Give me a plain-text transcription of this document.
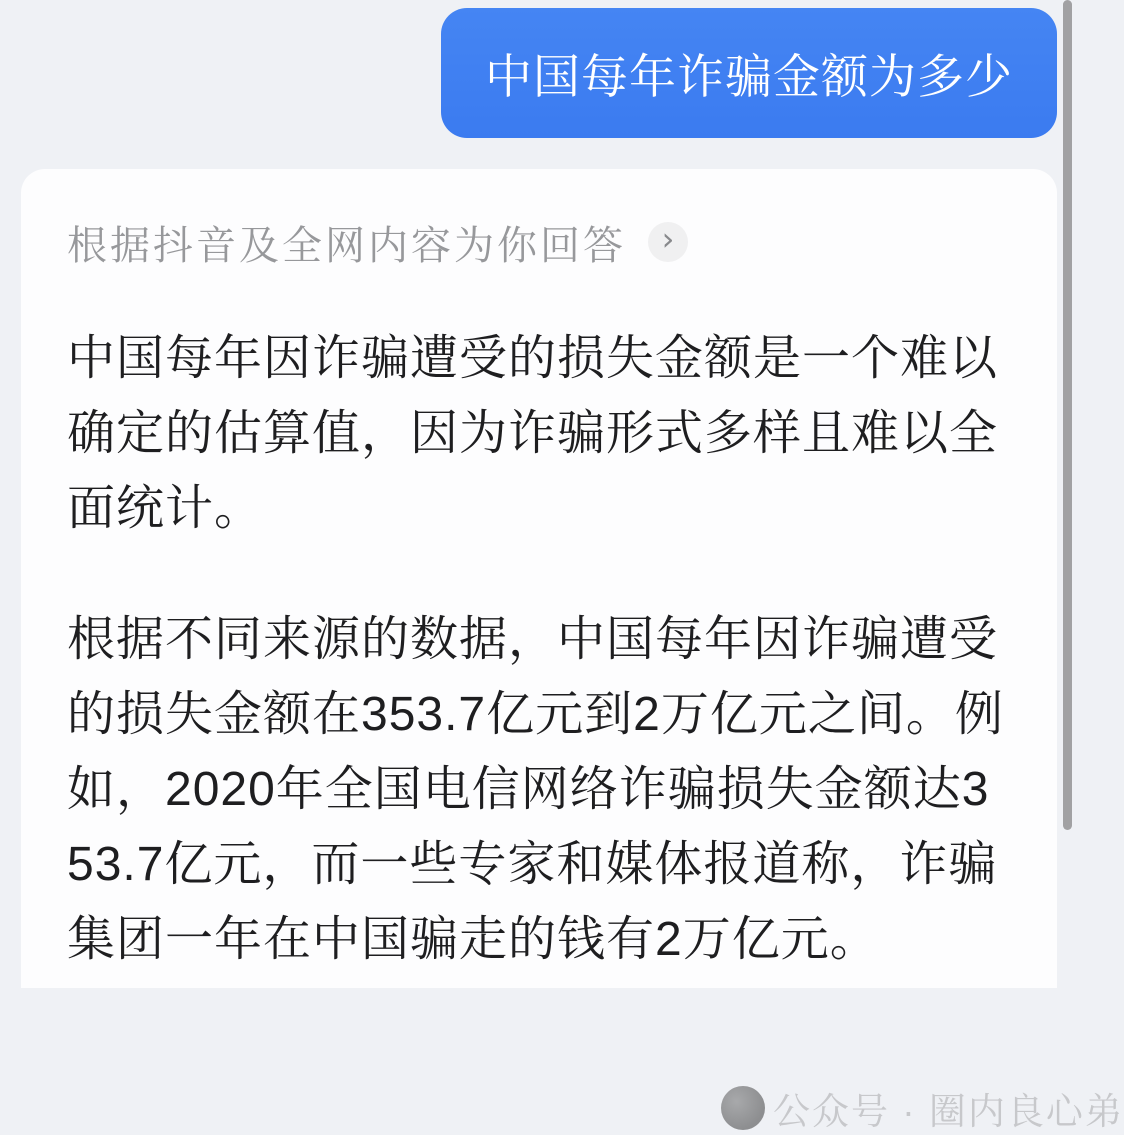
中国每年诈骗金额为多少
公众号 · 圈内良心弟
根据抖音及全网内容为你回答 ›

中国每年因诈骗遭受的损失金额是一个难以确定的估算值，因为诈骗形式多样且难以全面统计。

根据不同来源的数据，中国每年因诈骗遭受的损失金额在353.7亿元到2万亿元之间。例如，2020年全国电信网络诈骗损失金额达353.7亿元，而一些专家和媒体报道称，诈骗集团一年在中国骗走的钱有2万亿元。
